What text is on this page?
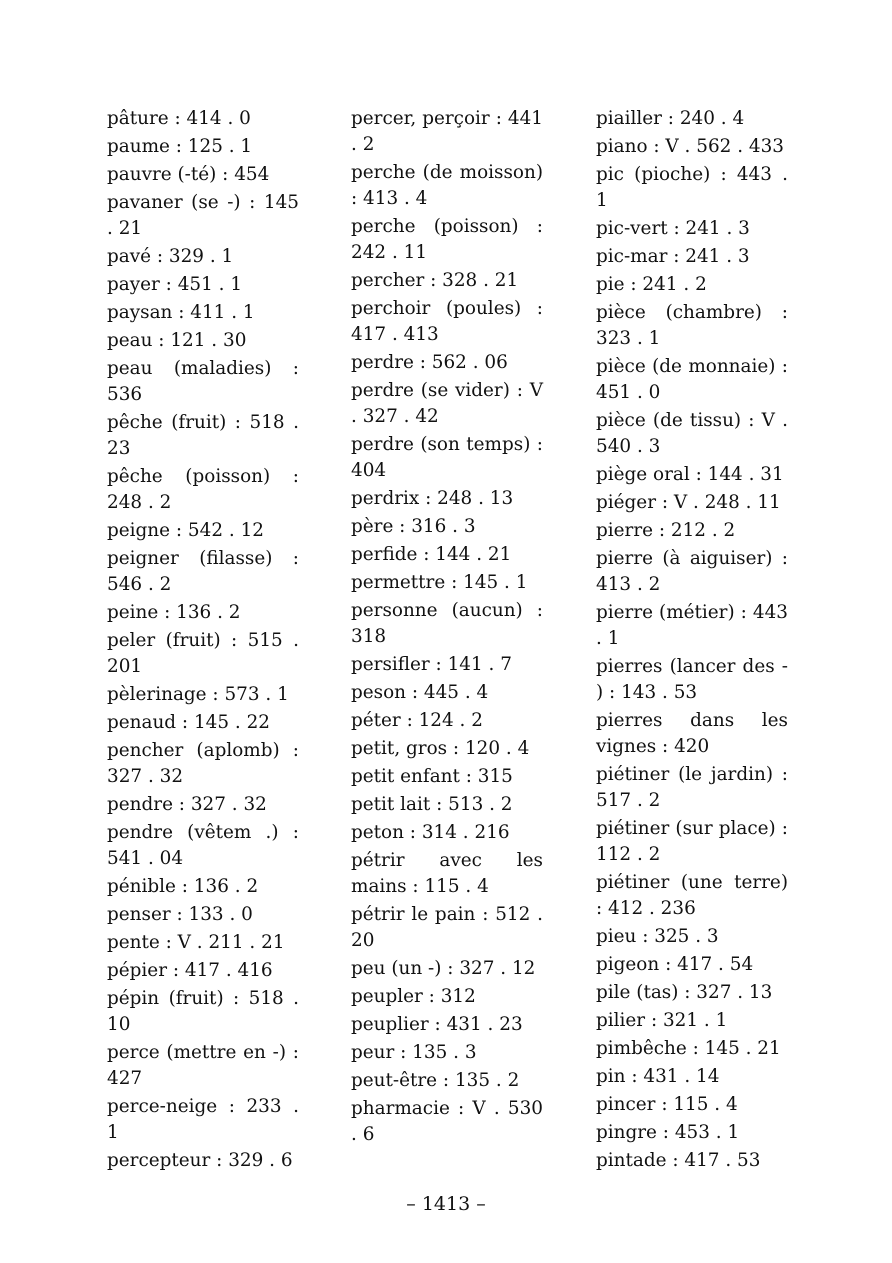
pâture : 414 . 0
paume : 125 . 1
pauvre (-té) : 454
pavaner (se -) : 145 . 21
pavé : 329 . 1
payer : 451 . 1
paysan : 411 . 1
peau : 121 . 30
peau (maladies) : 536
pêche (fruit) : 518 . 23
pêche (poisson) : 248 . 2
peigne : 542 . 12
peigner (filasse) : 546 . 2
peine : 136 . 2
peler (fruit) : 515 . 201
pèlerinage : 573 . 1
penaud : 145 . 22
pencher (aplomb) : 327 . 32
pendre : 327 . 32
pendre (vêtem .) : 541 . 04
pénible : 136 . 2
penser : 133 . 0
pente : V . 211 . 21
pépier : 417 . 416
pépin (fruit) : 518 . 10
perce (mettre en -) : 427
perce-neige : 233 . 1
percepteur : 329 . 6
percer, perçoir : 441 . 2
perche (de moisson) : 413 . 4
perche (poisson) : 242 . 11
percher : 328 . 21
perchoir (poules) : 417 . 413
perdre : 562 . 06
perdre (se vider) : V . 327 . 42
perdre (son temps) : 404
perdrix : 248 . 13
père : 316 . 3
perfide : 144 . 21
permettre : 145 . 1
personne (aucun) : 318
persifler : 141 . 7
peson : 445 . 4
péter : 124 . 2
petit, gros : 120 . 4
petit enfant : 315
petit lait : 513 . 2
peton : 314 . 216
pétrir avec les mains : 115 . 4
pétrir le pain : 512 . 20
peu (un -) : 327 . 12
peupler : 312
peuplier : 431 . 23
peur : 135 . 3
peut-être : 135 . 2
pharmacie : V . 530 . 6
piailler : 240 . 4
piano : V . 562 . 433
pic (pioche) : 443 . 1
pic-vert : 241 . 3
pic-mar : 241 . 3
pie : 241 . 2
pièce (chambre) : 323 . 1
pièce (de monnaie) : 451 . 0
pièce (de tissu) : V . 540 . 3
piège oral : 144 . 31
piéger : V . 248 . 11
pierre : 212 . 2
pierre (à aiguiser) : 413 . 2
pierre (métier) : 443 . 1
pierres (lancer des - ) : 143 . 53
pierres dans les vignes : 420
piétiner (le jardin) : 517 . 2
piétiner (sur place) : 112 . 2
piétiner (une terre) : 412 . 236
pieu : 325 . 3
pigeon : 417 . 54
pile (tas) : 327 . 13
pilier : 321 . 1
pimbêche : 145 . 21
pin : 431 . 14
pincer : 115 . 4
pingre : 453 . 1
pintade : 417 . 53
– 1413 –
